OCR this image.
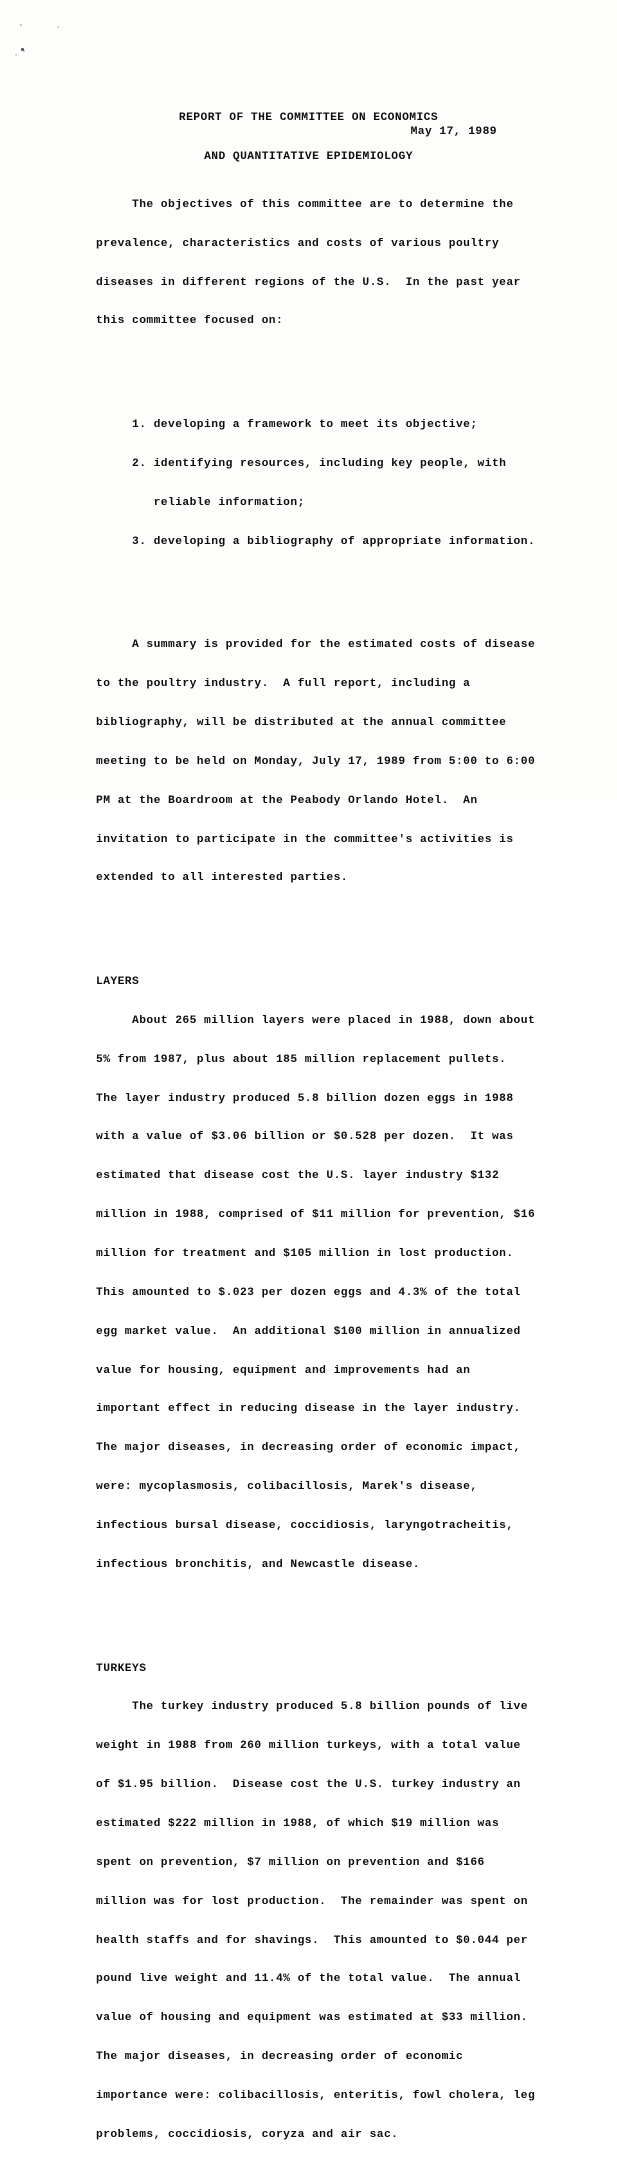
REPORT OF THE COMMITTEE ON ECONOMICS

AND QUANTITATIVE EPIDEMIOLOGY

May 17, 1989

The objectives of this committee are to determine the

prevalence, characteristics and costs of various poultry

diseases in different regions of the U.S.  In the past year

this committee focused on:

1. developing a framework to meet its objective;

2. identifying resources, including key people, with

reliable information;

3. developing a bibliography of appropriate information.

A summary is provided for the estimated costs of disease

to the poultry industry.  A full report, including a

bibliography, will be distributed at the annual committee

meeting to be held on Monday, July 17, 1989 from 5:00 to 6:00

PM at the Boardroom at the Peabody Orlando Hotel.  An

invitation to participate in the committee's activities is

extended to all interested parties.

LAYERS

About 265 million layers were placed in 1988, down about

5% from 1987, plus about 185 million replacement pullets.

The layer industry produced 5.8 billion dozen eggs in 1988

with a value of $3.06 billion or $0.528 per dozen.  It was

estimated that disease cost the U.S. layer industry $132

million in 1988, comprised of $11 million for prevention, $16

million for treatment and $105 million in lost production.

This amounted to $.023 per dozen eggs and 4.3% of the total

egg market value.  An additional $100 million in annualized

value for housing, equipment and improvements had an

important effect in reducing disease in the layer industry.

The major diseases, in decreasing order of economic impact,

were: mycoplasmosis, colibacillosis, Marek's disease,

infectious bursal disease, coccidiosis, laryngotracheitis,

infectious bronchitis, and Newcastle disease.

TURKEYS

The turkey industry produced 5.8 billion pounds of live

weight in 1988 from 260 million turkeys, with a total value

of $1.95 billion.  Disease cost the U.S. turkey industry an

estimated $222 million in 1988, of which $19 million was

spent on prevention, $7 million on prevention and $166

million was for lost production.  The remainder was spent on

health staffs and for shavings.  This amounted to $0.044 per

pound live weight and 11.4% of the total value.  The annual

value of housing and equipment was estimated at $33 million.

The major diseases, in decreasing order of economic

importance were: colibacillosis, enteritis, fowl cholera, leg

problems, coccidiosis, coryza and air sac.
